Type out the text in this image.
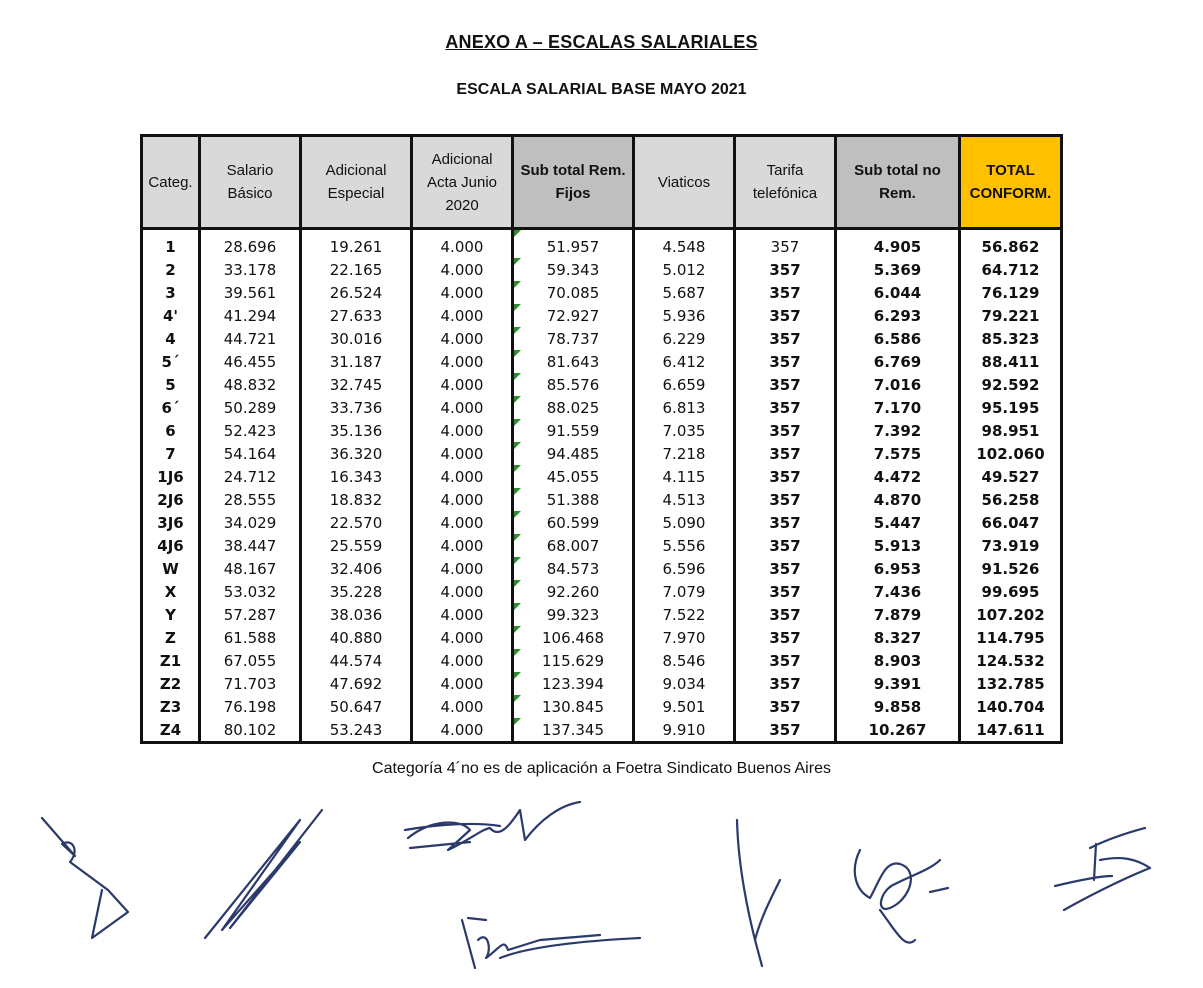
ANEXO A – ESCALAS SALARIALES
ESCALA SALARIAL BASE MAYO 2021
Categ.	Salario Básico	Adicional Especial	Adicional Acta Junio 2020	Sub total Rem. Fijos	Viaticos	Tarifa telefónica	Sub total no Rem.	TOTAL CONFORM.
1	28.696	19.261	4.000	51.957	4.548	357	4.905	56.862
2	33.178	22.165	4.000	59.343	5.012	357	5.369	64.712
3	39.561	26.524	4.000	70.085	5.687	357	6.044	76.129
4'	41.294	27.633	4.000	72.927	5.936	357	6.293	79.221
4	44.721	30.016	4.000	78.737	6.229	357	6.586	85.323
5´	46.455	31.187	4.000	81.643	6.412	357	6.769	88.411
5	48.832	32.745	4.000	85.576	6.659	357	7.016	92.592
6´	50.289	33.736	4.000	88.025	6.813	357	7.170	95.195
6	52.423	35.136	4.000	91.559	7.035	357	7.392	98.951
7	54.164	36.320	4.000	94.485	7.218	357	7.575	102.060
1J6	24.712	16.343	4.000	45.055	4.115	357	4.472	49.527
2J6	28.555	18.832	4.000	51.388	4.513	357	4.870	56.258
3J6	34.029	22.570	4.000	60.599	5.090	357	5.447	66.047
4J6	38.447	25.559	4.000	68.007	5.556	357	5.913	73.919
W	48.167	32.406	4.000	84.573	6.596	357	6.953	91.526
X	53.032	35.228	4.000	92.260	7.079	357	7.436	99.695
Y	57.287	38.036	4.000	99.323	7.522	357	7.879	107.202
Z	61.588	40.880	4.000	106.468	7.970	357	8.327	114.795
Z1	67.055	44.574	4.000	115.629	8.546	357	8.903	124.532
Z2	71.703	47.692	4.000	123.394	9.034	357	9.391	132.785
Z3	76.198	50.647	4.000	130.845	9.501	357	9.858	140.704
Z4	80.102	53.243	4.000	137.345	9.910	357	10.267	147.611
Categoría 4´no es de aplicación a Foetra Sindicato Buenos Aires
